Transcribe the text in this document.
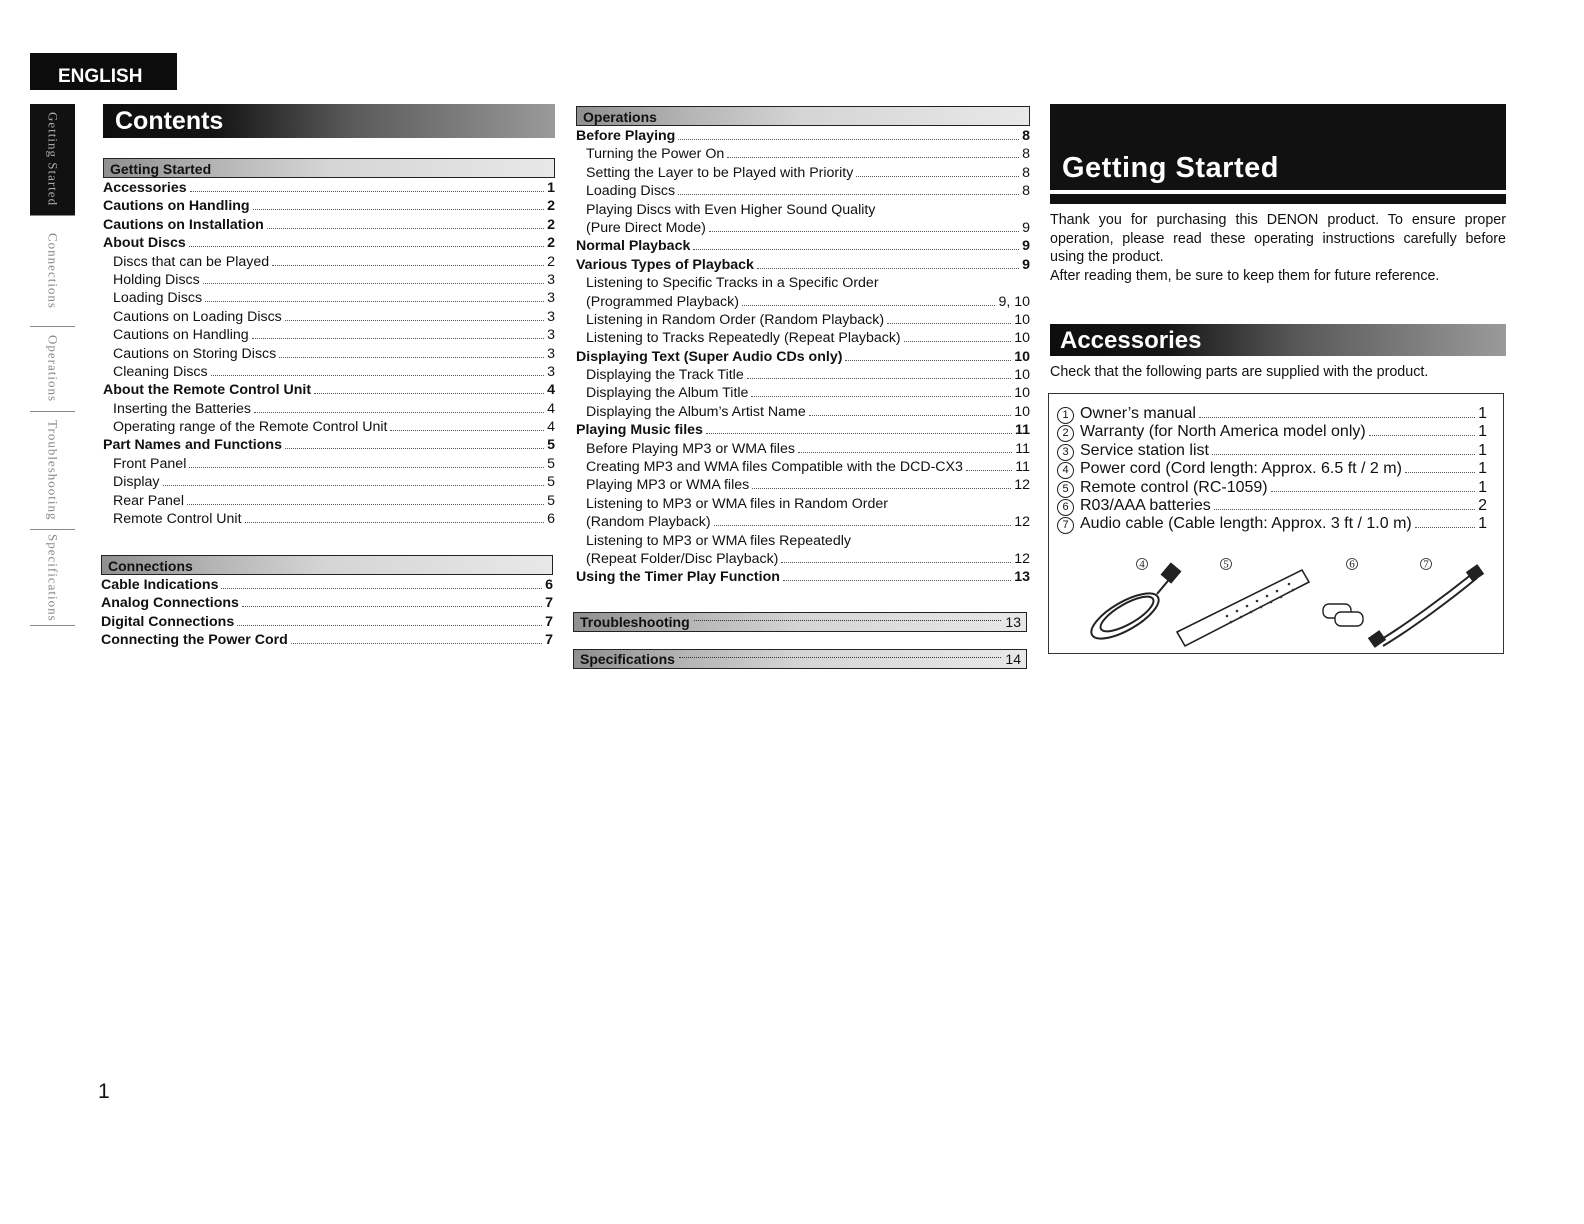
ENGLISH
Getting Started
Connections
Operations
Troubleshooting
Specifications
Contents
Getting Started
Accessories	1
Cautions on Handling	2
Cautions on Installation	2
About Discs	2
Discs that can be Played	2
Holding Discs	3
Loading Discs	3
Cautions on Loading Discs	3
Cautions on Handling	3
Cautions on Storing Discs	3
Cleaning Discs	3
About the Remote Control Unit	4
Inserting the Batteries	4
Operating range of the Remote Control Unit	4
Part Names and Functions	5
Front Panel	5
Display	5
Rear Panel	5
Remote Control Unit	6
Connections
Cable Indications	6
Analog Connections	7
Digital Connections	7
Connecting the Power Cord	7
Operations
Before Playing	8
Turning the Power On	8
Setting the Layer to be Played with Priority	8
Loading Discs	8
Playing Discs with Even Higher Sound Quality
(Pure Direct Mode)	9
Normal Playback	9
Various Types of Playback	9
Listening to Specific Tracks in a Specific Order
(Programmed Playback)	9, 10
Listening in Random Order (Random Playback)	10
Listening to Tracks Repeatedly (Repeat Playback)	10
Displaying Text (Super Audio CDs only)	10
Displaying the Track Title	10
Displaying the Album Title	10
Displaying the Album’s Artist Name	10
Playing Music files	11
Before Playing MP3 or WMA files	11
Creating MP3 and WMA files Compatible with the DCD-CX3	11
Playing MP3 or WMA files	12
Listening to MP3 or WMA files in Random Order
(Random Playback)	12
Listening to MP3 or WMA files Repeatedly
(Repeat Folder/Disc Playback)	12
Using the Timer Play Function	13
Troubleshooting	13
Specifications	14
Getting Started
Thank you for purchasing this DENON product. To ensure proper operation, please read these operating instructions carefully before using the product.
After reading them, be sure to keep them for future reference.
Accessories
Check that the following parts are supplied with the product.
1 Owner’s manual	1
2 Warranty (for North America model only)	1
3 Service station list	1
4 Power cord (Cord length: Approx. 6.5 ft / 2 m)	1
5 Remote control (RC-1059)	1
6 R03/AAA batteries	2
7 Audio cable (Cable length: Approx. 3 ft / 1.0 m)	1
4	5	6	7
1
